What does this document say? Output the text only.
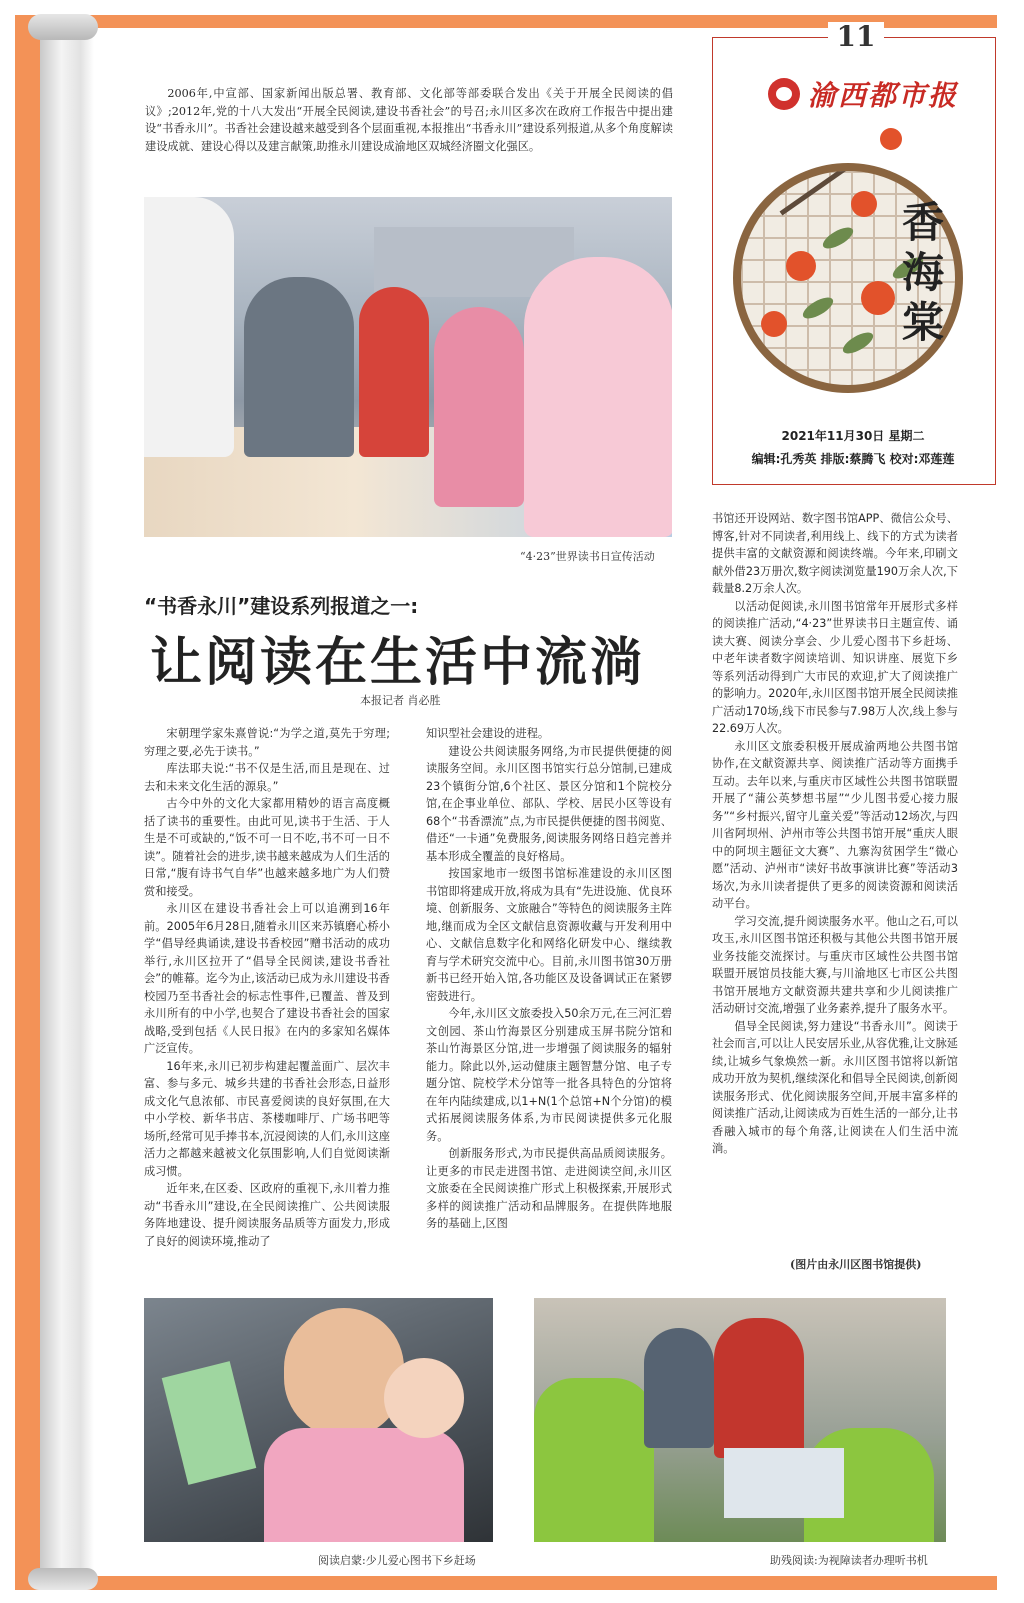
11
渝西都市报
香海棠
2021年11月30日 星期二
编辑:孔秀英 排版:蔡腾飞 校对:邓莲莲
2006年,中宣部、国家新闻出版总署、教育部、文化部等部委联合发出《关于开展全民阅读的倡议》;2012年,党的十八大发出“开展全民阅读,建设书香社会”的号召;永川区多次在政府工作报告中提出建设“书香永川”。书香社会建设越来越受到各个层面重视,本报推出“书香永川”建设系列报道,从多个角度解读建设成就、建设心得以及建言献策,助推永川建设成渝地区双城经济圈文化强区。
“4·23”世界读书日宣传活动
“书香永川”建设系列报道之一:
让阅读在生活中流淌
本报记者 肖必胜

宋朝理学家朱熹曾说:“为学之道,莫先于穷理;穷理之要,必先于读书。”

库法耶夫说:“书不仅是生活,而且是现在、过去和未来文化生活的源泉。”

古今中外的文化大家都用精妙的语言高度概括了读书的重要性。由此可见,读书于生活、于人生是不可或缺的,“饭不可一日不吃,书不可一日不读”。随着社会的进步,读书越来越成为人们生活的日常,“腹有诗书气自华”也越来越多地广为人们赞赏和接受。

永川区在建设书香社会上可以追溯到16年前。2005年6月28日,随着永川区来苏镇磨心桥小学“倡导经典诵读,建设书香校园”赠书活动的成功举行,永川区拉开了“倡导全民阅读,建设书香社会”的帷幕。迄今为止,该活动已成为永川建设书香校园乃至书香社会的标志性事件,已覆盖、普及到永川所有的中小学,也契合了建设书香社会的国家战略,受到包括《人民日报》在内的多家知名媒体广泛宣传。

16年来,永川已初步构建起覆盖面广、层次丰富、参与多元、城乡共建的书香社会形态,日益形成文化气息浓郁、市民喜爱阅读的良好氛围,在大中小学校、新华书店、茶楼咖啡厅、广场书吧等场所,经常可见手捧书本,沉浸阅读的人们,永川这座活力之都越来越被文化氛围影响,人们自觉阅读渐成习惯。

近年来,在区委、区政府的重视下,永川着力推动“书香永川”建设,在全民阅读推广、公共阅读服务阵地建设、提升阅读服务品质等方面发力,形成了良好的阅读环境,推动了

知识型社会建设的进程。

建设公共阅读服务网络,为市民提供便捷的阅读服务空间。永川区图书馆实行总分馆制,已建成23个镇街分馆,6个社区、景区分馆和1个院校分馆,在企事业单位、部队、学校、居民小区等设有68个“书香漂流”点,为市民提供便捷的图书阅览、借还“一卡通”免费服务,阅读服务网络日趋完善并基本形成全覆盖的良好格局。

按国家地市一级图书馆标准建设的永川区图书馆即将建成开放,将成为具有“先进设施、优良环境、创新服务、文旅融合”等特色的阅读服务主阵地,继而成为全区文献信息资源收藏与开发利用中心、文献信息数字化和网络化研发中心、继续教育与学术研究交流中心。目前,永川图书馆30万册新书已经开始入馆,各功能区及设备调试正在紧锣密鼓进行。

今年,永川区文旅委投入50余万元,在三河汇碧文创园、茶山竹海景区分别建成玉屏书院分馆和茶山竹海景区分馆,进一步增强了阅读服务的辐射能力。除此以外,运动健康主题智慧分馆、电子专题分馆、院校学术分馆等一批各具特色的分馆将在年内陆续建成,以1+N(1个总馆+N个分馆)的模式拓展阅读服务体系,为市民阅读提供多元化服务。

创新服务形式,为市民提供高品质阅读服务。让更多的市民走进图书馆、走进阅读空间,永川区文旅委在全民阅读推广形式上积极探索,开展形式多样的阅读推广活动和品牌服务。在提供阵地服务的基础上,区图

书馆还开设网站、数字图书馆APP、微信公众号、博客,针对不同读者,利用线上、线下的方式为读者提供丰富的文献资源和阅读终端。今年来,印刷文献外借23万册次,数字阅读浏览量190万余人次,下载量8.2万余人次。

以活动促阅读,永川图书馆常年开展形式多样的阅读推广活动,“4·23”世界读书日主题宣传、诵读大赛、阅读分享会、少儿爱心图书下乡赶场、中老年读者数字阅读培训、知识讲座、展览下乡等系列活动得到广大市民的欢迎,扩大了阅读推广的影响力。2020年,永川区图书馆开展全民阅读推广活动170场,线下市民参与7.98万人次,线上参与22.69万人次。

永川区文旅委积极开展成渝两地公共图书馆协作,在文献资源共享、阅读推广活动等方面携手互动。去年以来,与重庆市区域性公共图书馆联盟开展了“蒲公英梦想书屋”“少儿图书爱心接力服务”“乡村振兴,留守儿童关爱”等活动12场次,与四川省阿坝州、泸州市等公共图书馆开展“重庆人眼中的阿坝主题征文大赛”、九寨沟贫困学生“微心愿”活动、泸州市“读好书故事演讲比赛”等活动3场次,为永川读者提供了更多的阅读资源和阅读活动平台。

学习交流,提升阅读服务水平。他山之石,可以攻玉,永川区图书馆还积极与其他公共图书馆开展业务技能交流探讨。与重庆市区域性公共图书馆联盟开展馆员技能大赛,与川渝地区七市区公共图书馆开展地方文献资源共建共享和少儿阅读推广活动研讨交流,增强了业务素养,提升了服务水平。

倡导全民阅读,努力建设“书香永川”。阅读于社会而言,可以让人民安居乐业,从容优雅,让文脉延续,让城乡气象焕然一新。永川区图书馆将以新馆成功开放为契机,继续深化和倡导全民阅读,创新阅读服务形式、优化阅读服务空间,开展丰富多样的阅读推广活动,让阅读成为百姓生活的一部分,让书香融入城市的每个角落,让阅读在人们生活中流淌。

(图片由永川区图书馆提供)
阅读启蒙:少儿爱心图书下乡赶场	助残阅读:为视障读者办理听书机
